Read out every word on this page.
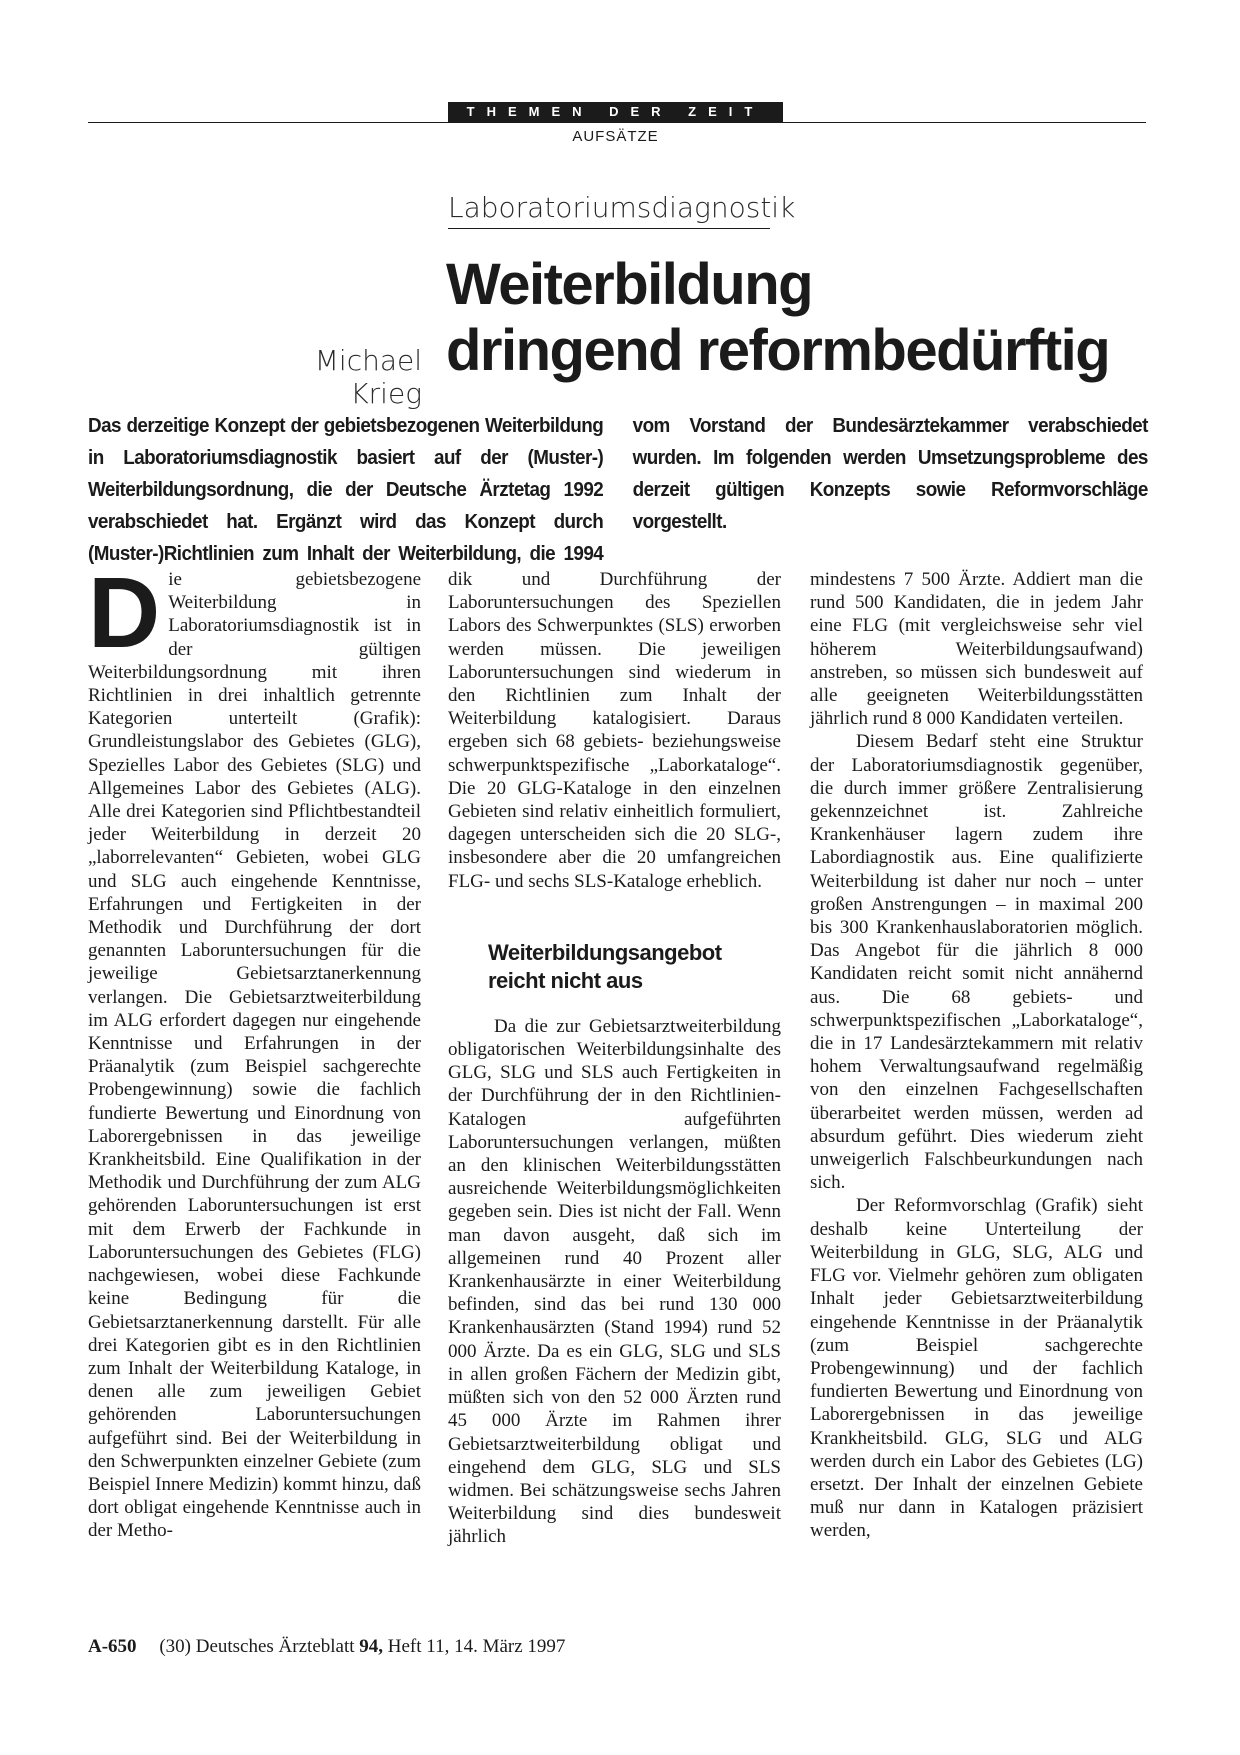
THEMEN DER ZEIT
AUFSÄTZE
Laboratoriumsdiagnostik
Weiterbildung
dringend reformbedürftig
Michael Krieg
Das derzeitige Konzept der gebietsbezogenen Weiterbildung in Laboratoriumsdiagnostik basiert auf der (Muster-) Weiterbildungsordnung, die der Deutsche Ärztetag 1992 verabschiedet hat. Ergänzt wird das Konzept durch (Muster-)Richtlinien zum Inhalt der Weiterbildung, die 1994 vom Vorstand der Bundesärztekammer verabschiedet wurden. Im folgenden werden Umsetzungsprobleme des derzeit gültigen Konzepts sowie Reformvorschläge vorgestellt.

Die gebietsbezogene Weiterbildung in Laboratoriumsdiagnostik ist in der gültigen Weiterbildungsordnung mit ihren Richtlinien in drei inhaltlich getrennte Kategorien unterteilt (Grafik): Grundleistungslabor des Gebietes (GLG), Spezielles Labor des Gebietes (SLG) und Allgemeines Labor des Gebietes (ALG). Alle drei Kategorien sind Pflichtbestandteil jeder Weiterbildung in derzeit 20 „laborrelevanten“ Gebieten, wobei GLG und SLG auch eingehende Kenntnisse, Erfahrungen und Fertigkeiten in der Methodik und Durchführung der dort genannten Laboruntersuchungen für die jeweilige Gebietsarztanerkennung verlangen. Die Gebietsarztweiterbildung im ALG erfordert dagegen nur eingehende Kenntnisse und Erfahrungen in der Präanalytik (zum Beispiel sachgerechte Probengewinnung) sowie die fachlich fundierte Bewertung und Einordnung von Laborergebnissen in das jeweilige Krankheitsbild. Eine Qualifikation in der Methodik und Durchführung der zum ALG gehörenden Laboruntersuchungen ist erst mit dem Erwerb der Fachkunde in Laboruntersuchungen des Gebietes (FLG) nachgewiesen, wobei diese Fachkunde keine Bedingung für die Gebietsarztanerkennung darstellt. Für alle drei Kategorien gibt es in den Richtlinien zum Inhalt der Weiterbildung Kataloge, in denen alle zum jeweiligen Gebiet gehörenden Laboruntersuchungen aufgeführt sind. Bei der Weiterbildung in den Schwerpunkten einzelner Gebiete (zum Beispiel Innere Medizin) kommt hinzu, daß dort obligat eingehende Kenntnisse auch in der Metho-

dik und Durchführung der Laboruntersuchungen des Speziellen Labors des Schwerpunktes (SLS) erworben werden müssen. Die jeweiligen Laboruntersuchungen sind wiederum in den Richtlinien zum Inhalt der Weiterbildung katalogisiert. Daraus ergeben sich 68 gebiets- beziehungsweise schwerpunktspezifische „Laborkataloge“. Die 20 GLG-Kataloge in den einzelnen Gebieten sind relativ einheitlich formuliert, dagegen unterscheiden sich die 20 SLG-, insbesondere aber die 20 umfangreichen FLG- und sechs SLS-Kataloge erheblich.

Weiterbildungsangebot reicht nicht aus

Da die zur Gebietsarztweiterbildung obligatorischen Weiterbildungsinhalte des GLG, SLG und SLS auch Fertigkeiten in der Durchführung der in den Richtlinien-Katalogen aufgeführten Laboruntersuchungen verlangen, müßten an den klinischen Weiterbildungsstätten ausreichende Weiterbildungsmöglichkeiten gegeben sein. Dies ist nicht der Fall. Wenn man davon ausgeht, daß sich im allgemeinen rund 40 Prozent aller Krankenhausärzte in einer Weiterbildung befinden, sind das bei rund 130 000 Krankenhausärzten (Stand 1994) rund 52 000 Ärzte. Da es ein GLG, SLG und SLS in allen großen Fächern der Medizin gibt, müßten sich von den 52 000 Ärzten rund 45 000 Ärzte im Rahmen ihrer Gebietsarztweiterbildung obligat und eingehend dem GLG, SLG und SLS widmen. Bei schätzungsweise sechs Jahren Weiterbildung sind dies bundesweit jährlich

mindestens 7 500 Ärzte. Addiert man die rund 500 Kandidaten, die in jedem Jahr eine FLG (mit vergleichsweise sehr viel höherem Weiterbildungsaufwand) anstreben, so müssen sich bundesweit auf alle geeigneten Weiterbildungsstätten jährlich rund 8 000 Kandidaten verteilen.

Diesem Bedarf steht eine Struktur der Laboratoriumsdiagnostik gegenüber, die durch immer größere Zentralisierung gekennzeichnet ist. Zahlreiche Krankenhäuser lagern zudem ihre Labordiagnostik aus. Eine qualifizierte Weiterbildung ist daher nur noch – unter großen Anstrengungen – in maximal 200 bis 300 Krankenhauslaboratorien möglich. Das Angebot für die jährlich 8 000 Kandidaten reicht somit nicht annähernd aus. Die 68 gebiets- und schwerpunktspezifischen „Laborkataloge“, die in 17 Landesärztekammern mit relativ hohem Verwaltungsaufwand regelmäßig von den einzelnen Fachgesellschaften überarbeitet werden müssen, werden ad absurdum geführt. Dies wiederum zieht unweigerlich Falschbeurkundungen nach sich.

Der Reformvorschlag (Grafik) sieht deshalb keine Unterteilung der Weiterbildung in GLG, SLG, ALG und FLG vor. Vielmehr gehören zum obligaten Inhalt jeder Gebietsarztweiterbildung eingehende Kenntnisse in der Präanalytik (zum Beispiel sachgerechte Probengewinnung) und der fachlich fundierten Bewertung und Einordnung von Laborergebnissen in das jeweilige Krankheitsbild. GLG, SLG und ALG werden durch ein Labor des Gebietes (LG) ersetzt. Der Inhalt der einzelnen Gebiete muß nur dann in Katalogen präzisiert werden,

A-650 (30) Deutsches Ärzteblatt 94, Heft 11, 14. März 1997
